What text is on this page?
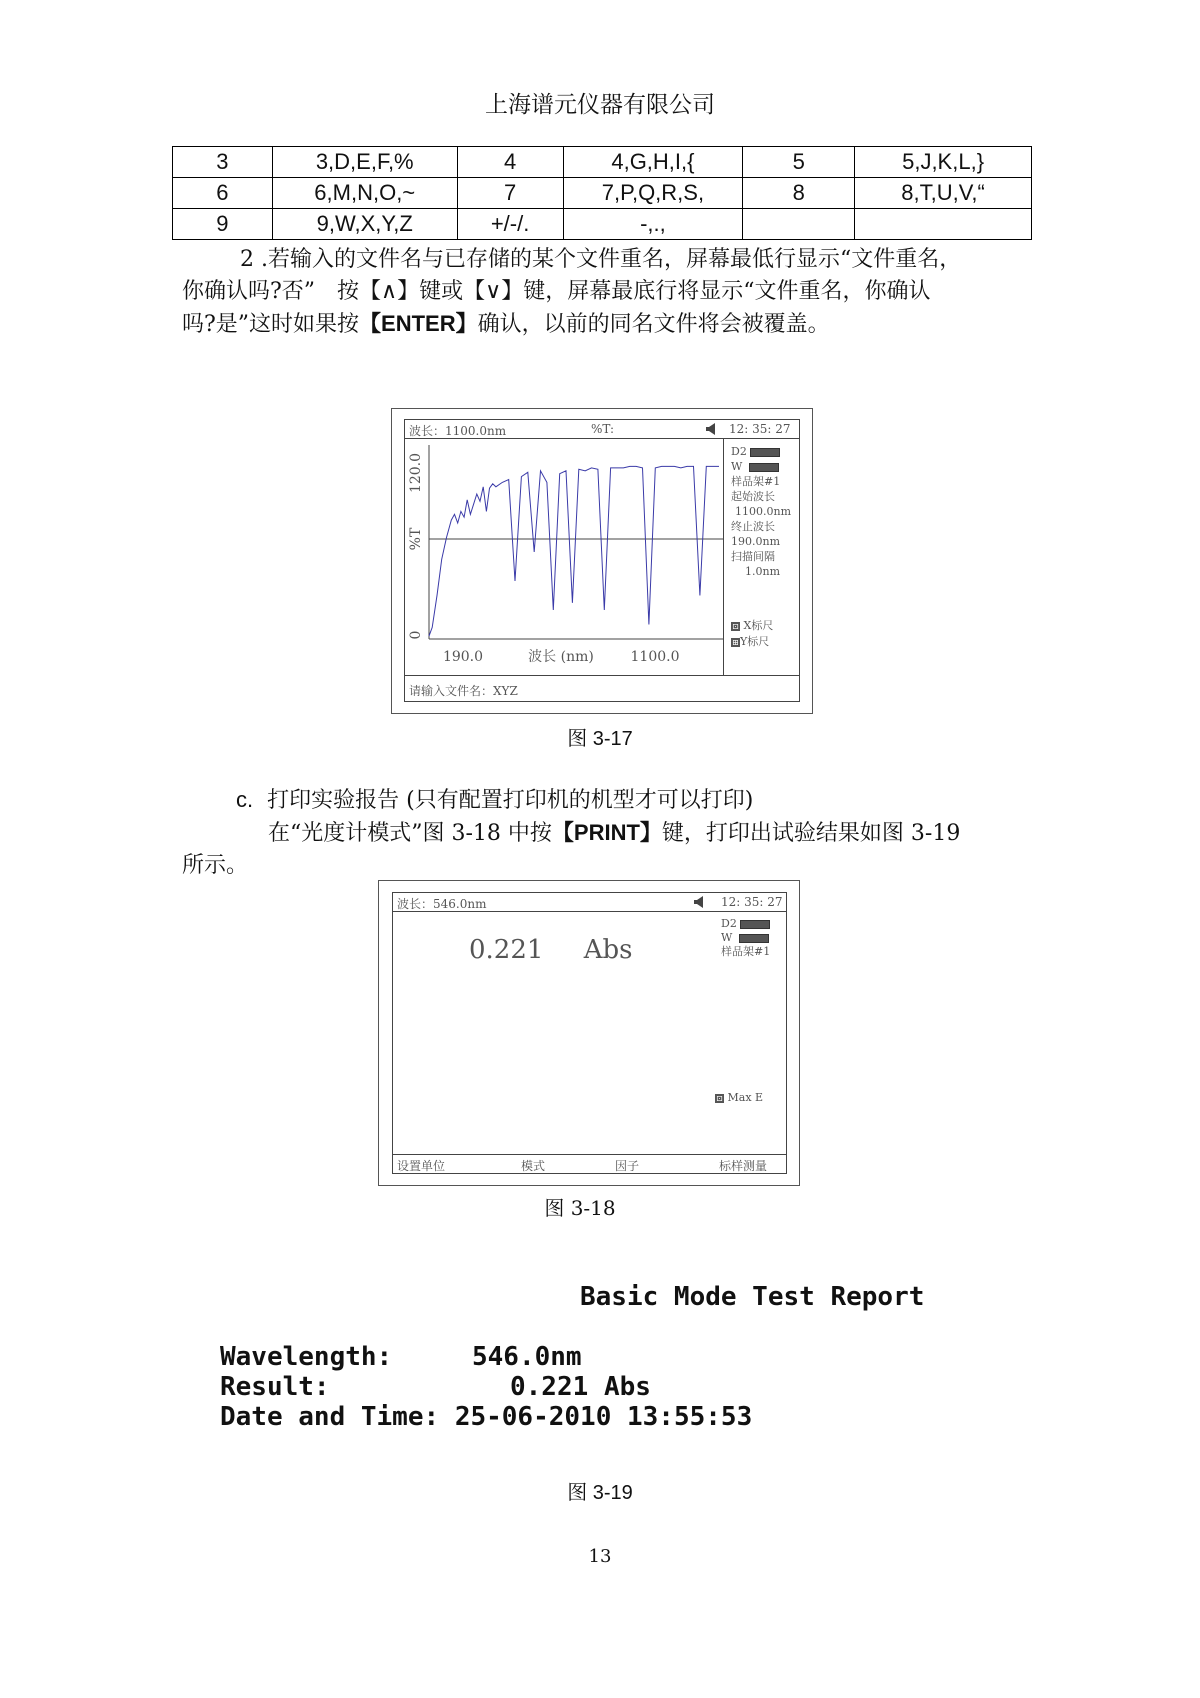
上海谱元仪器有限公司
3	3,D,E,F,%	4	4,G,H,I,{	5	5,J,K,L,}
6	6,M,N,O,~	7	7,P,Q,R,S,	8	8,T,U,V,“
9	9,W,X,Y,Z	+/-/.	-,.,		
2 .若输入的文件名与已存储的某个文件重名，屏幕最低行显示“文件重名，
你确认吗?否”　按【∧】键或【∨】键，屏幕最底行将显示“文件重名，你确认
吗?是”这时如果按【ENTER】确认，以前的同名文件将会被覆盖。
波长：1100.0nm	%T:	12: 35: 27
请输入文件名：XYZ
D2
W
样品架#1
起始波长
1100.0nm
终止波长
190.0nm
扫描间隔
1.0nm
⊡ X标尺
⊞Y标尺
120.0
%T
0
190.0	波长 (nm)	1100.0
图 3-17
c. 打印实验报告 (只有配置打印机的机型才可以打印)
在“光度计模式”图 3-18 中按【PRINT】键，打印出试验结果如图 3-19
所示。
波长：546.0nm	12: 35: 27
0.221 Abs
D2
W
样品架#1
⊡ Max E
设置单位	模式	因子	标样测量
图 3-18
Basic Mode Test Report
Wavelength:	546.0nm
Result:	0.221 Abs
Date and Time: 25-06-2010 13:55:53
图 3-19
13
